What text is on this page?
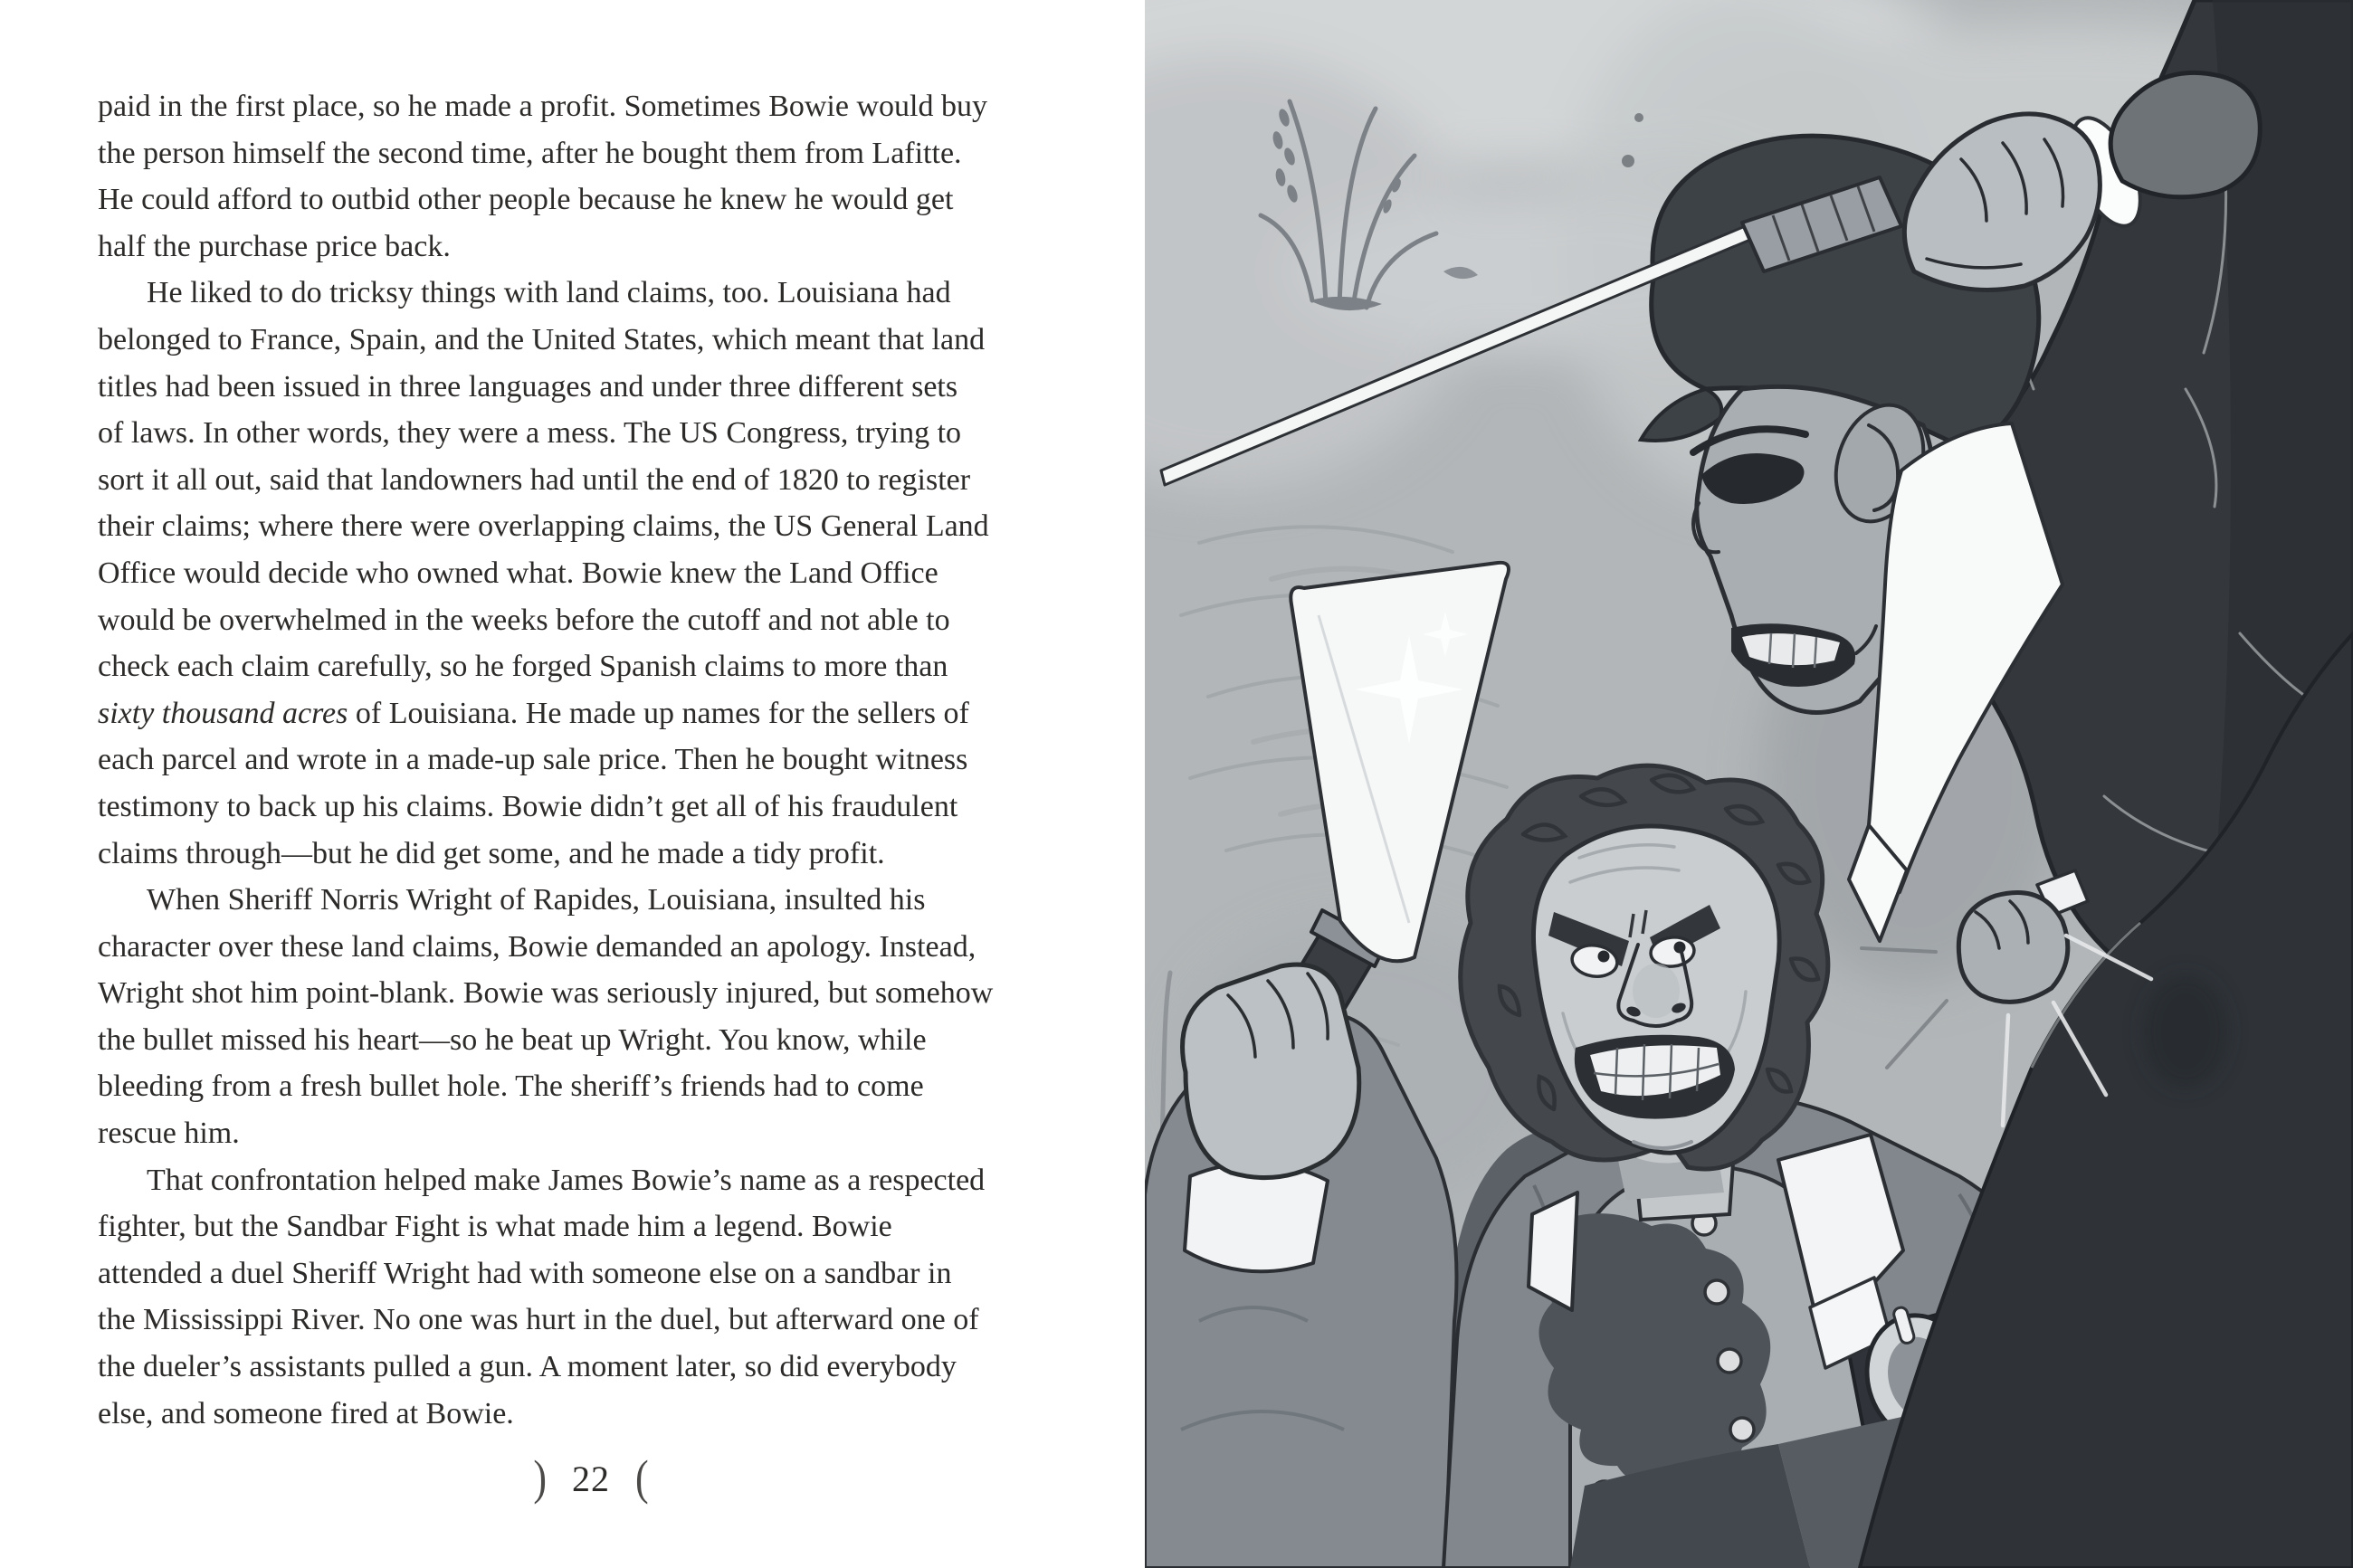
paid in the first place, so he made a profit. Sometimes Bowie would buy
the person himself the second time, after he bought them from Lafitte.
He could afford to outbid other people because he knew he would get
half the purchase price back.
He liked to do tricksy things with land claims, too. Louisiana had
belonged to France, Spain, and the United States, which meant that land
titles had been issued in three languages and under three different sets
of laws. In other words, they were a mess. The US Congress, trying to
sort it all out, said that landowners had until the end of 1820 to register
their claims; where there were overlapping claims, the US General Land
Office would decide who owned what. Bowie knew the Land Office
would be overwhelmed in the weeks before the cutoff and not able to
check each claim carefully, so he forged Spanish claims to more than
sixty thousand acres of Louisiana. He made up names for the sellers of
each parcel and wrote in a made-up sale price. Then he bought witness
testimony to back up his claims. Bowie didn’t get all of his fraudulent
claims through—but he did get some, and he made a tidy profit.
When Sheriff Norris Wright of Rapides, Louisiana, insulted his
character over these land claims, Bowie demanded an apology. Instead,
Wright shot him point-blank. Bowie was seriously injured, but somehow
the bullet missed his heart—so he beat up Wright. You know, while
bleeding from a fresh bullet hole. The sheriff’s friends had to come
rescue him.
That confrontation helped make James Bowie’s name as a respected
fighter, but the Sandbar Fight is what made him a legend. Bowie
attended a duel Sheriff Wright had with someone else on a sandbar in
the Mississippi River. No one was hurt in the duel, but afterward one of
the dueler’s assistants pulled a gun. A moment later, so did everybody
else, and someone fired at Bowie.
) 22 (
